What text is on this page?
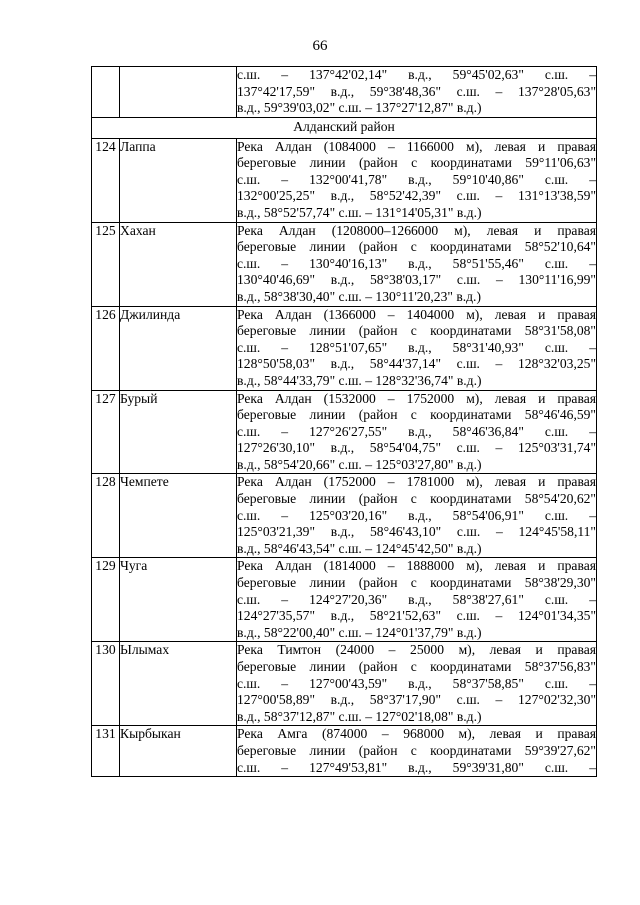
66

		с.ш. – 137°42'02,14" в.д., 59°45'02,63" с.ш. –
137°42'17,59" в.д., 59°38'48,36" с.ш. – 137°28'05,63"
в.д., 59°39'03,02" с.ш. – 137°27'12,87" в.д.)

Алданский район		
124	Лаппа	Река Алдан (1084000 – 1166000 м), левая и правая
береговые линии (район с координатами 59°11'06,63"
с.ш. – 132°00'41,78" в.д., 59°10'40,86" с.ш. –
132°00'25,25" в.д., 58°52'42,39" с.ш. – 131°13'38,59"
в.д., 58°52'57,74" с.ш. – 131°14'05,31" в.д.)

125	Хахан	Река Алдан (1208000–1266000 м), левая и правая
береговые линии (район с координатами 58°52'10,64"
с.ш. – 130°40'16,13" в.д., 58°51'55,46" с.ш. –
130°40'46,69" в.д., 58°38'03,17" с.ш. – 130°11'16,99"
в.д., 58°38'30,40" с.ш. – 130°11'20,23" в.д.)

126	Джилинда	Река Алдан (1366000 – 1404000 м), левая и правая
береговые линии (район с координатами 58°31'58,08"
с.ш. – 128°51'07,65" в.д., 58°31'40,93" с.ш. –
128°50'58,03" в.д., 58°44'37,14" с.ш. – 128°32'03,25"
в.д., 58°44'33,79" с.ш. – 128°32'36,74" в.д.)

127	Бурый	Река Алдан (1532000 – 1752000 м), левая и правая
береговые линии (район с координатами 58°46'46,59"
с.ш. – 127°26'27,55" в.д., 58°46'36,84" с.ш. –
127°26'30,10" в.д., 58°54'04,75" с.ш. – 125°03'31,74"
в.д., 58°54'20,66" с.ш. – 125°03'27,80" в.д.)

128	Чемпете	Река Алдан (1752000 – 1781000 м), левая и правая
береговые линии (район с координатами 58°54'20,62"
с.ш. – 125°03'20,16" в.д., 58°54'06,91" с.ш. –
125°03'21,39" в.д., 58°46'43,10" с.ш. – 124°45'58,11"
в.д., 58°46'43,54" с.ш. – 124°45'42,50" в.д.)

129	Чуга	Река Алдан (1814000 – 1888000 м), левая и правая
береговые линии (район с координатами 58°38'29,30"
с.ш. – 124°27'20,36" в.д., 58°38'27,61" с.ш. –
124°27'35,57" в.д., 58°21'52,63" с.ш. – 124°01'34,35"
в.д., 58°22'00,40" с.ш. – 124°01'37,79" в.д.)

130	Ылымах	Река Тимтон (24000 – 25000 м), левая и правая
береговые линии (район с координатами 58°37'56,83"
с.ш. – 127°00'43,59" в.д., 58°37'58,85" с.ш. –
127°00'58,89" в.д., 58°37'17,90" с.ш. – 127°02'32,30"
в.д., 58°37'12,87" с.ш. – 127°02'18,08" в.д.)

131	Кырбыкан	Река Амга (874000 – 968000 м), левая и правая
береговые линии (район с координатами 59°39'27,62"
с.ш. – 127°49'53,81" в.д., 59°39'31,80" с.ш. –
